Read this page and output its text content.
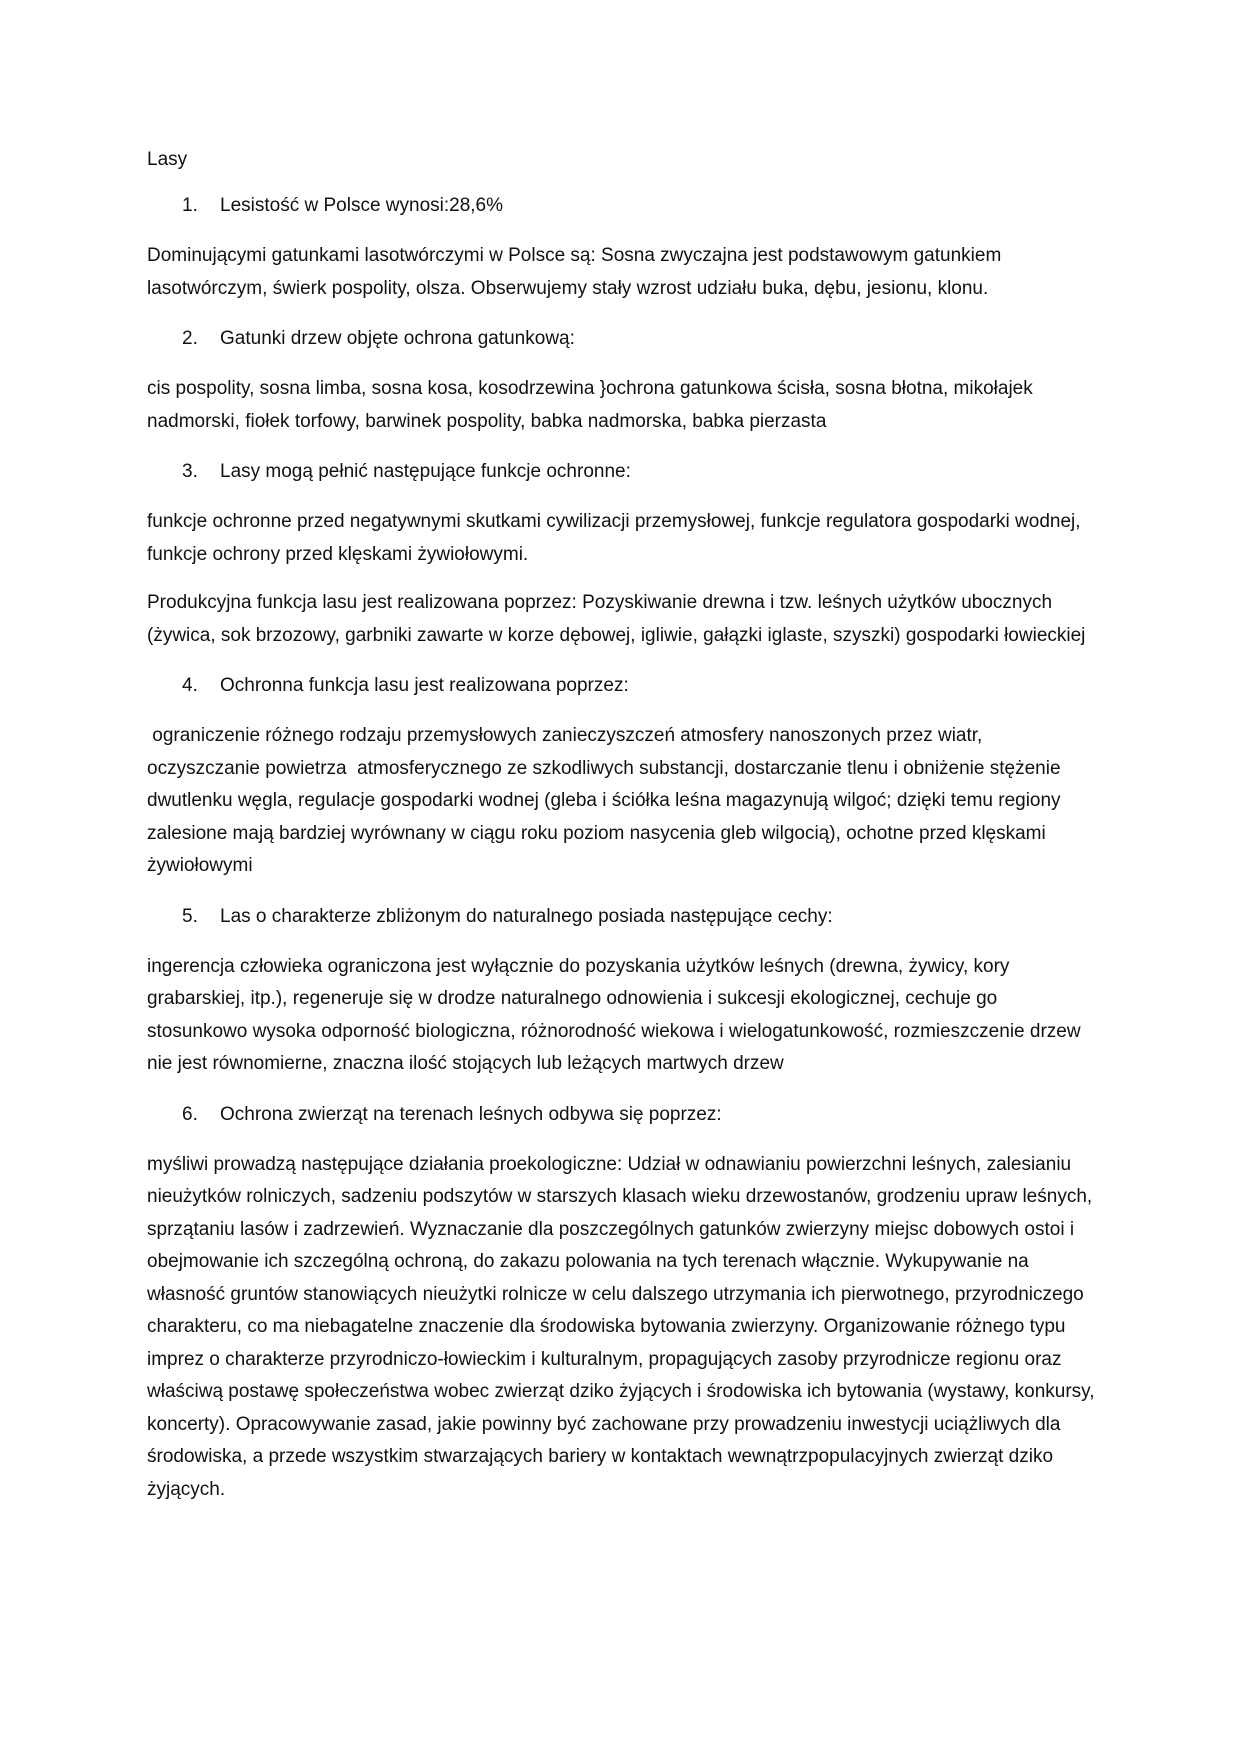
Lasy
1.	Lesistość w Polsce wynosi:28,6%

Dominującymi gatunkami lasotwórczymi w Polsce są: Sosna zwyczajna jest podstawowym gatunkiem lasotwórczym, świerk pospolity, olsza. Obserwujemy stały wzrost udziału buka, dębu, jesionu, klonu.

2.	Gatunki drzew objęte ochrona gatunkową:

cis pospolity, sosna limba, sosna kosa, kosodrzewina }ochrona gatunkowa ścisła, sosna błotna, mikołajek nadmorski, fiołek torfowy, barwinek pospolity, babka nadmorska, babka pierzasta

3.	Lasy mogą pełnić następujące funkcje ochronne:

funkcje ochronne przed negatywnymi skutkami cywilizacji przemysłowej, funkcje regulatora gospodarki wodnej, funkcje ochrony przed klęskami żywiołowymi.

Produkcyjna funkcja lasu jest realizowana poprzez: Pozyskiwanie drewna i tzw. leśnych użytków ubocznych (żywica, sok brzozowy, garbniki zawarte w korze dębowej, igliwie, gałązki iglaste, szyszki) gospodarki łowieckiej

4.	Ochronna funkcja lasu jest realizowana poprzez:

ograniczenie różnego rodzaju przemysłowych zanieczyszczeń atmosfery nanoszonych przez wiatr, oczyszczanie powietrza  atmosferycznego ze szkodliwych substancji, dostarczanie tlenu i obniżenie stężenie dwutlenku węgla, regulacje gospodarki wodnej (gleba i ściółka leśna magazynują wilgoć; dzięki temu regiony zalesione mają bardziej wyrównany w ciągu roku poziom nasycenia gleb wilgocią), ochotne przed klęskami żywiołowymi

5.	Las o charakterze zbliżonym do naturalnego posiada następujące cechy:

ingerencja człowieka ograniczona jest wyłącznie do pozyskania użytków leśnych (drewna, żywicy, kory grabarskiej, itp.), regeneruje się w drodze naturalnego odnowienia i sukcesji ekologicznej, cechuje go stosunkowo wysoka odporność biologiczna, różnorodność wiekowa i wielogatunkowość, rozmieszczenie drzew nie jest równomierne, znaczna ilość stojących lub leżących martwych drzew

6.	Ochrona zwierząt na terenach leśnych odbywa się poprzez:

myśliwi prowadzą następujące działania proekologiczne: Udział w odnawianiu powierzchni leśnych, zalesianiu nieużytków rolniczych, sadzeniu podszytów w starszych klasach wieku drzewostanów, grodzeniu upraw leśnych, sprzątaniu lasów i zadrzewień. Wyznaczanie dla poszczególnych gatunków zwierzyny miejsc dobowych ostoi i obejmowanie ich szczególną ochroną, do zakazu polowania na tych terenach włącznie. Wykupywanie na własność gruntów stanowiących nieużytki rolnicze w celu dalszego utrzymania ich pierwotnego, przyrodniczego charakteru, co ma niebagatelne znaczenie dla środowiska bytowania zwierzyny. Organizowanie różnego typu imprez o charakterze przyrodniczo-łowieckim i kulturalnym, propagujących zasoby przyrodnicze regionu oraz właściwą postawę społeczeństwa wobec zwierząt dziko żyjących i środowiska ich bytowania (wystawy, konkursy, koncerty). Opracowywanie zasad, jakie powinny być zachowane przy prowadzeniu inwestycji uciążliwych dla środowiska, a przede wszystkim stwarzających bariery w kontaktach wewnątrzpopulacyjnych zwierząt dziko żyjących.
